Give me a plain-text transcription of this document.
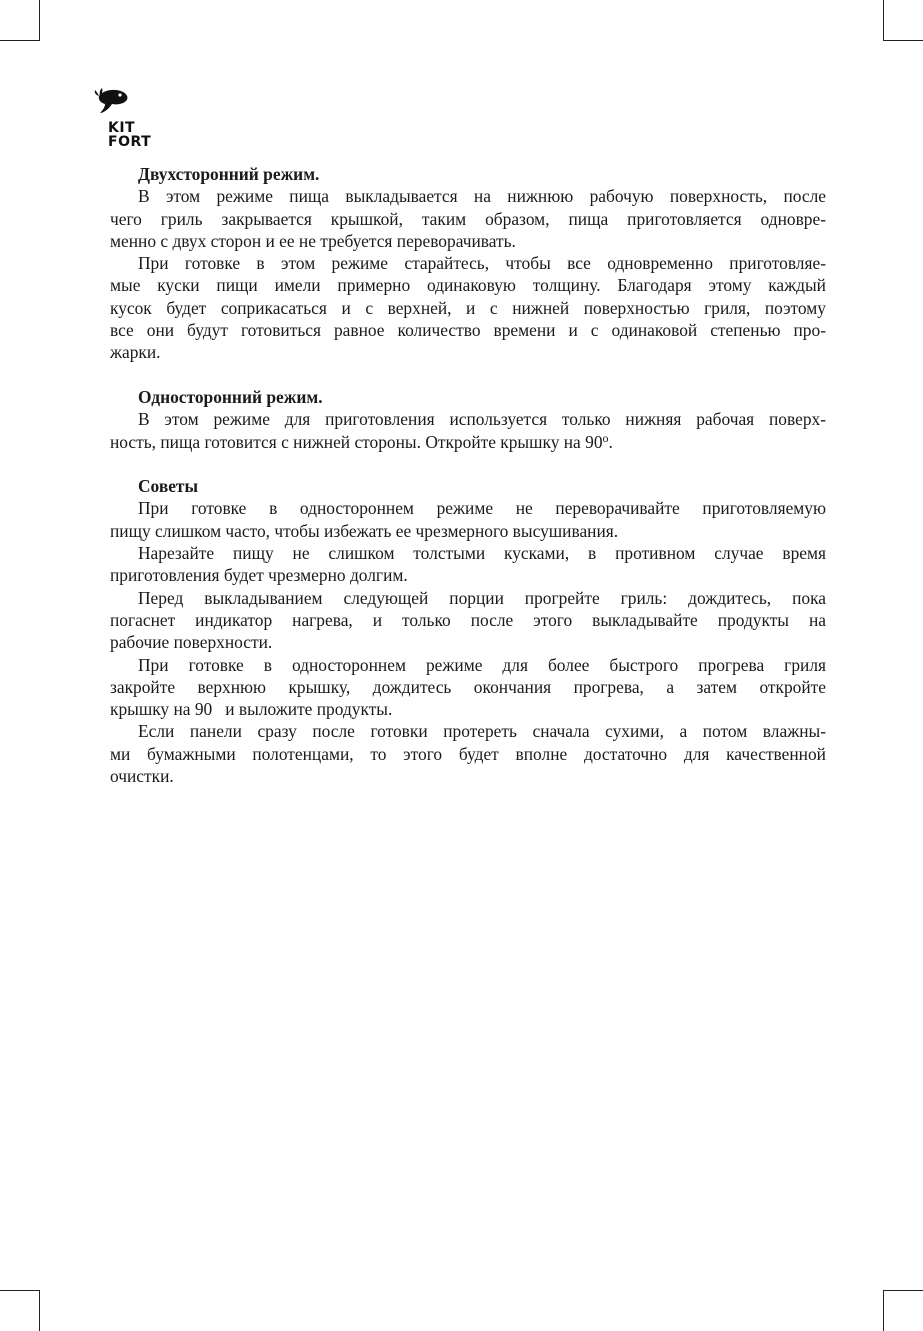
KIT
FORT
Двухсторонний режим.

В этом режиме пища выкладывается на нижнюю рабочую поверхность, после
чего гриль закрывается крышкой, таким образом, пища приготовляется одновре-
менно с двух сторон и ее не требуется переворачивать.

При готовке в этом режиме старайтесь, чтобы все одновременно приготовляе-
мые куски пищи имели примерно одинаковую толщину. Благодаря этому каждый
кусок будет соприкасаться и с верхней, и с нижней поверхностью гриля, поэтому
все они будут готовиться равное количество времени и с одинаковой степенью про-
жарки.

Односторонний режим.

В этом режиме для приготовления используется только нижняя рабочая поверх-
ность, пища готовится с нижней стороны. Откройте крышку на 90$^o$.

Советы

При готовке в одностороннем режиме не переворачивайте приготовляемую
пищу слишком часто, чтобы избежать ее чрезмерного высушивания.

Нарезайте пищу не слишком толстыми кусками, в противном случае время
приготовления будет чрезмерно долгим.

Перед выкладыванием следующей порции прогрейте гриль: дождитесь, пока
погаснет индикатор нагрева, и только после этого выкладывайте продукты на
рабочие поверхности.

При готовке в одностороннем режиме для более быстрого прогрева гриля
закройте верхнюю крышку, дождитесь окончания прогрева, а затем откройте
крышку на 90   и выложите продукты.

Если панели сразу после готовки протереть сначала сухими, а потом влажны-
ми бумажными полотенцами, то этого будет вполне достаточно для качественной
очистки.
